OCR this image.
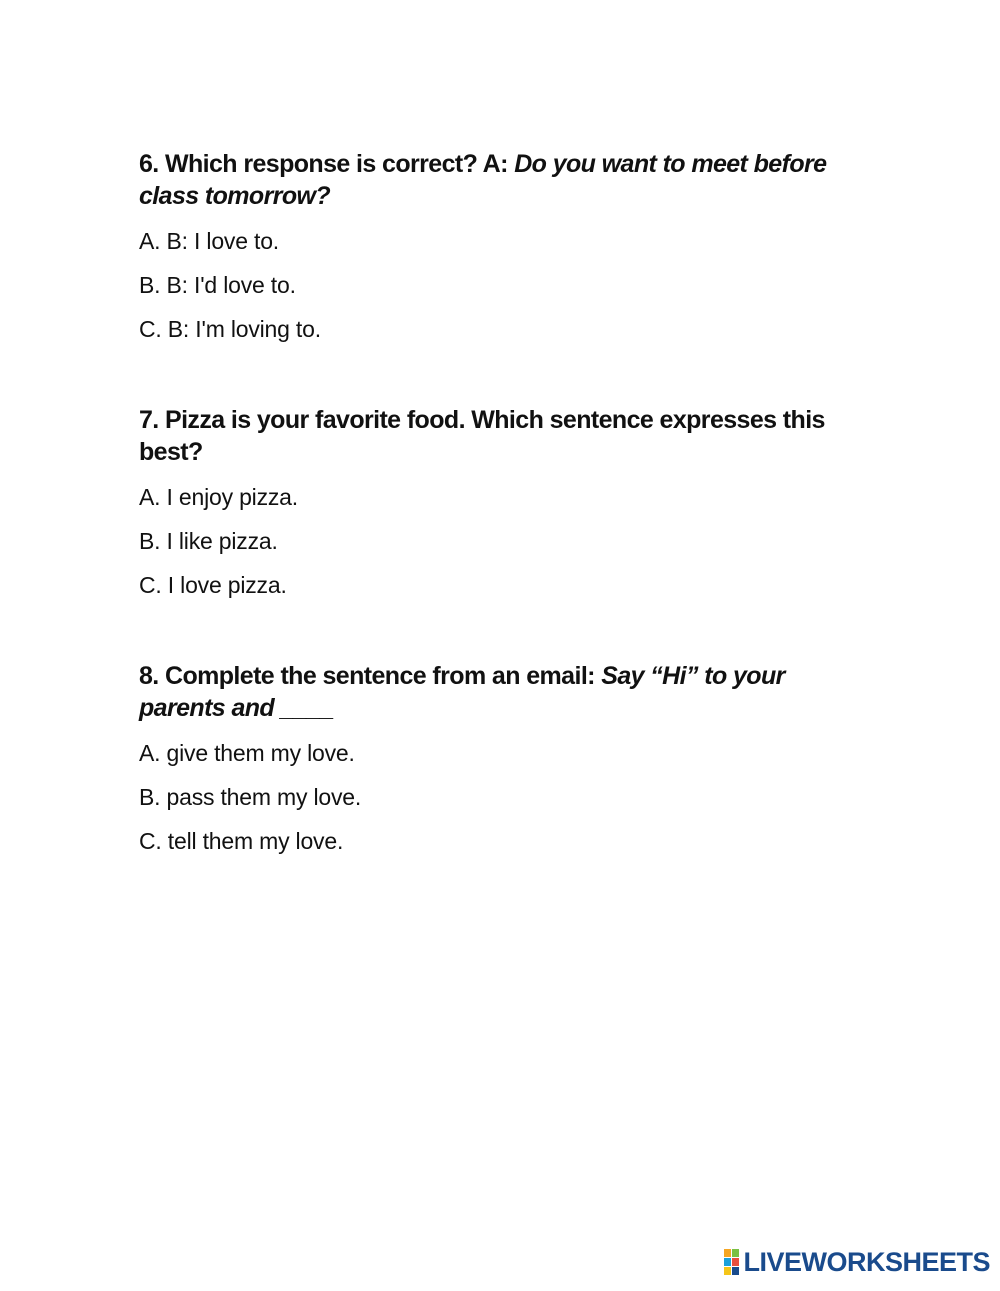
6. Which response is correct? A: Do you want to meet before class tomorrow?

A. B: I love to.
B. B: I'd love to.
C. B: I'm loving to.

7. Pizza is your favorite food. Which sentence expresses this best?

A. I enjoy pizza.
B. I like pizza.
C. I love pizza.

8. Complete the sentence from an email: Say “Hi” to your parents and ____

A. give them my love.
B. pass them my love.
C. tell them my love.
LIVEWORKSHEETS
